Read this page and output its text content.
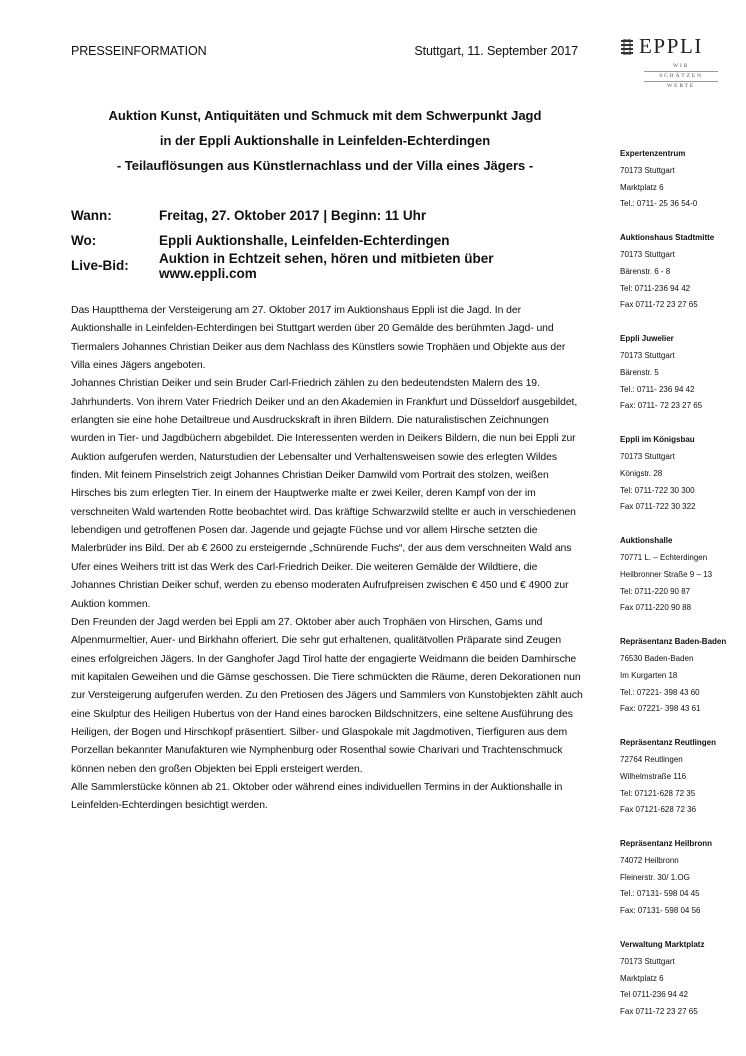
PRESSEINFORMATION	Stuttgart, 11. September 2017	EPPLI
WIR
SCHÄTZEN
WERTE
Auktion Kunst, Antiquitäten und Schmuck mit dem Schwerpunkt Jagd
in der Eppli Auktionshalle in Leinfelden-Echterdingen
- Teilauflösungen aus Künstlernachlass und der Villa eines Jägers -
Wann:	Freitag, 27. Oktober 2017 | Beginn: 11 Uhr
Wo:	Eppli Auktionshalle, Leinfelden-Echterdingen
Live-Bid:	Auktion in Echtzeit sehen, hören und mitbieten über www.eppli.com

Das Hauptthema der Versteigerung am 27. Oktober 2017 im Auktionshaus Eppli ist die Jagd. In der Auktionshalle in Leinfelden-Echterdingen bei Stuttgart werden über 20 Gemälde des berühmten Jagd- und Tiermalers Johannes Christian Deiker aus dem Nachlass des Künstlers sowie Trophäen und Objekte aus der Villa eines Jägers angeboten.

Johannes Christian Deiker und sein Bruder Carl-Friedrich zählen zu den bedeutendsten Malern des 19. Jahrhunderts. Von ihrem Vater Friedrich Deiker und an den Akademien in Frankfurt und Düsseldorf ausgebildet, erlangten sie eine hohe Detailtreue und Ausdruckskraft in ihren Bildern. Die naturalistischen Zeichnungen wurden in Tier- und Jagdbüchern abgebildet. Die Interessenten werden in Deikers Bildern, die nun bei Eppli zur Auktion aufgerufen werden, Naturstudien der Lebensalter und Verhaltensweisen sowie des erlegten Wildes finden. Mit feinem Pinselstrich zeigt Johannes Christian Deiker Damwild vom Portrait des stolzen, weißen Hirsches bis zum erlegten Tier. In einem der Hauptwerke malte er zwei Keiler, deren Kampf von der im verschneiten Wald wartenden Rotte beobachtet wird. Das kräftige Schwarzwild stellte er auch in verschiedenen lebendigen und getroffenen Posen dar. Jagende und gejagte Füchse und vor allem Hirsche setzten die Malerbrüder ins Bild. Der ab € 2600 zu ersteigernde „Schnürende Fuchs“, der aus dem verschneiten Wald ans Ufer eines Weihers tritt ist das Werk des Carl-Friedrich Deiker. Die weiteren Gemälde der Wildtiere, die Johannes Christian Deiker schuf, werden zu ebenso moderaten Aufrufpreisen zwischen € 450 und € 4900 zur Auktion kommen.

Den Freunden der Jagd werden bei Eppli am 27. Oktober aber auch Trophäen von Hirschen, Gams und Alpenmurmeltier, Auer- und Birkhahn offeriert. Die sehr gut erhaltenen, qualitätvollen Präparate sind Zeugen eines erfolgreichen Jägers. In der Ganghofer Jagd Tirol hatte der engagierte Weidmann die beiden Damhirsche mit kapitalen Geweihen und die Gämse geschossen. Die Tiere schmückten die Räume, deren Dekorationen nun zur Versteigerung aufgerufen werden. Zu den Pretiosen des Jägers und Sammlers von Kunstobjekten zählt auch eine Skulptur des Heiligen Hubertus von der Hand eines barocken Bildschnitzers, eine seltene Ausführung des Heiligen, der Bogen und Hirschkopf präsentiert. Silber- und Glaspokale mit Jagdmotiven, Tierfiguren aus dem Porzellan bekannter Manufakturen wie Nymphenburg oder Rosenthal sowie Charivari und Trachtenschmuck können neben den großen Objekten bei Eppli ersteigert werden.

Alle Sammlerstücke können ab 21. Oktober oder während eines individuellen Termins in der Auktionshalle in Leinfelden-Echterdingen besichtigt werden.

Expertenzentrum
70173 Stuttgart
Marktplatz 6
Tel.: 0711- 25 36 54-0
Auktionshaus Stadtmitte
70173 Stuttgart
Bärenstr. 6 - 8
Tel: 0711-236 94 42
Fax 0711-72 23 27 65
Eppli Juwelier
70173 Stuttgart
Bärenstr. 5
Tel.: 0711- 236 94 42
Fax: 0711- 72 23 27 65
Eppli im Königsbau
70173 Stuttgart
Königstr. 28
Tel: 0711-722 30 300
Fax 0711-722 30 322
Auktionshalle
70771 L. – Echterdingen
Heilbronner Straße 9 – 13
Tel: 0711-220 90 87
Fax 0711-220 90 88
Repräsentanz Baden-Baden
76530 Baden-Baden
Im Kurgarten 18
Tel.: 07221- 398 43 60
Fax: 07221- 398 43 61
Repräsentanz Reutlingen
72764 Reutlingen
Wilhelmstraße 116
Tel: 07121-628 72 35
Fax 07121-628 72 36
Repräsentanz Heilbronn
74072 Heilbronn
Fleinerstr. 30/ 1.OG
Tel.: 07131- 598 04 45
Fax: 07131- 598 04 56
Verwaltung Marktplatz
70173 Stuttgart
Marktplatz 6
Tel 0711-236 94 42
Fax 0711-72 23 27 65
